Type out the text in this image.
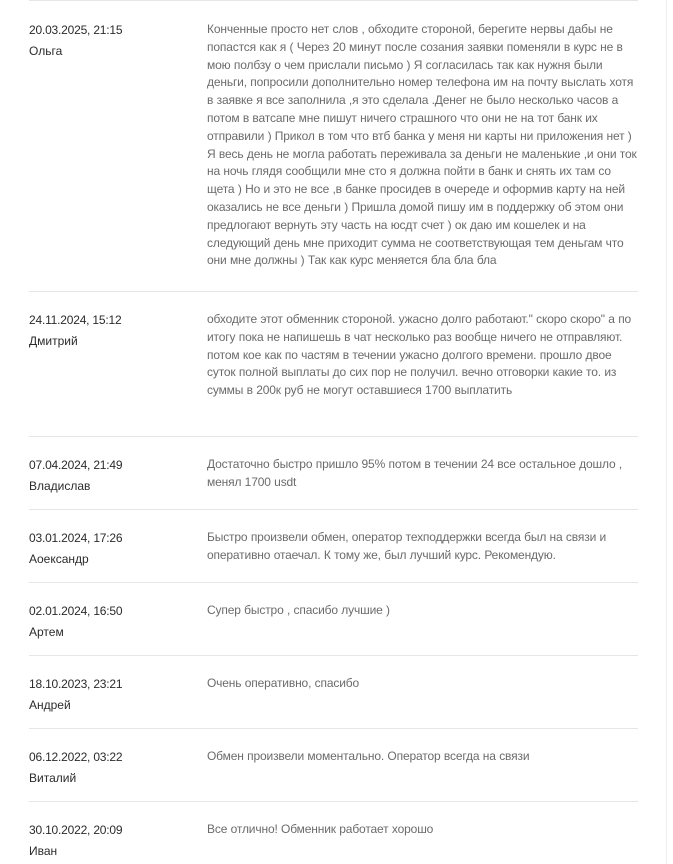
20.03.2025, 21:15
Ольга
Конченные просто нет слов , обходите стороной, берегите нервы дабы не попастся как я ( Через 20 минут после созания заявки поменяли в курс не в мою полбзу о чем прислали письмо ) Я согласилась так как нужня были деньги, попросили дополнительно номер телефона им на почту выслать хотя в заявке я все заполнила ,я это сделала .Денег не было несколько часов а потом в ватсапе мне пишут ничего страшного что они не на тот банк их отправили ) Прикол в том что втб банка у меня ни карты ни приложения нет ) Я весь день не могла работать переживала за деньги не маленькие ,и они ток на ночь глядя сообщили мне сто я должна пойти в банк и снять их там со щета ) Но и это не все ,в банке просидев в очереде и оформив карту на ней оказались не все деньги ) Пришла домой пишу им в поддержку об этом они предлогают вернуть эту часть на юсдт счет ) ок даю им кошелек и на следующий день мне приходит сумма не соответствующая тем деньгам что они мне должны ) Так как курс меняется бла бла бла
24.11.2024, 15:12
Дмитрий
обходите этот обменник стороной. ужасно долго работают." скоро скоро" а по итогу пока не напишешь в чат несколько раз вообще ничего не отправляют. потом кое как по частям в течении ужасно долгого времени. прошло двое суток полной выплаты до сих пор не получил. вечно отговорки какие то. из суммы в 200к руб не могут оставшиеся 1700 выплатить
07.04.2024, 21:49
Владислав
Достаточно быстро пришло 95% потом в течении 24 все остальное дошло , менял 1700 usdt
03.01.2024, 17:26
Аоександр
Быстро произвели обмен, оператор техподдержки всегда был на связи и оперативно отаечал. К тому же, был лучший курс. Рекомендую.
02.01.2024, 16:50
Артем
Супер быстро , спасибо лучшие )
18.10.2023, 23:21
Андрей
Очень оперативно, спасибо
06.12.2022, 03:22
Виталий
Обмен произвели моментально. Оператор всегда на связи
30.10.2022, 20:09
Иван
Все отличноǃ Обменник работает хорошо
